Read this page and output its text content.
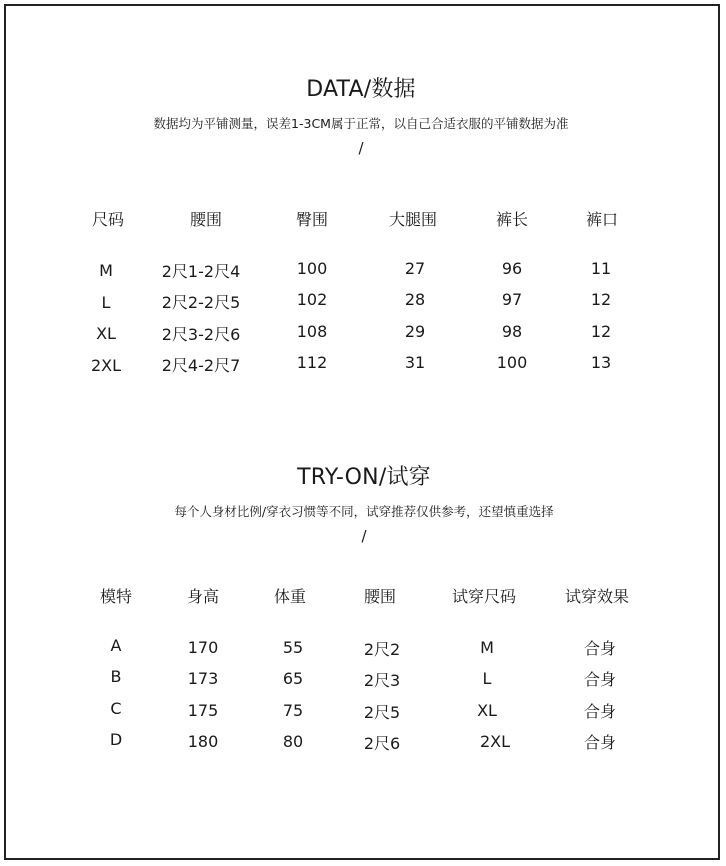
DATA/数据
数据均为平铺测量，误差1-3CM属于正常，以自己合适衣服的平铺数据为准
/
尺码	腰围	臀围	大腿围	裤长	裤口
M	2尺1-2尺4	100	27	96	11
L	2尺2-2尺5	102	28	97	12
XL	2尺3-2尺6	108	29	98	12
2XL	2尺4-2尺7	112	31	100	13
TRY-ON/试穿
每个人身材比例/穿衣习惯等不同，试穿推荐仅供参考，还望慎重选择
/
模特	身高	体重	腰围	试穿尺码	试穿效果
A	170	55	2尺2	M	合身
B	173	65	2尺3	L	合身
C	175	75	2尺5	XL	合身
D	180	80	2尺6	2XL	合身
